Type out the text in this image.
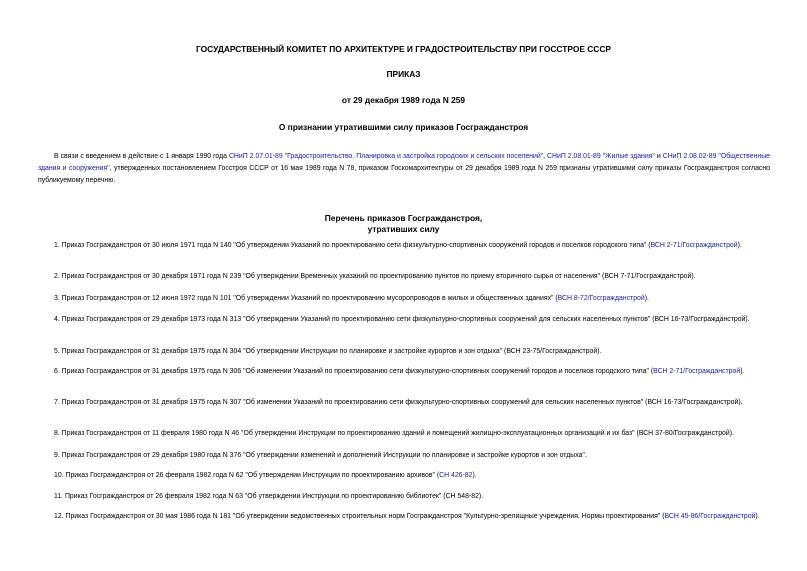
ГОСУДАРСТВЕННЫЙ КОМИТЕТ ПО АРХИТЕКТУРЕ И ГРАДОСТРОИТЕЛЬСТВУ ПРИ ГОССТРОЕ СССР
ПРИКАЗ
от 29 декабря 1989 года N 259
О признании утратившими силу приказов Госгражданстроя
В связи с введением в действие с 1 января 1990 года СНиП 2.07.01-89 "Градостроительство. Планировка и застройка городских и сельских поселений", СНиП 2.08.01-89 "Жилые здания" и СНиП 2.08.02-89 "Общественные здания и сооружения", утвержденных постановлением Госстроя СССР от 16 мая 1989 года N 78, приказом Госкомархитектуры от 29 декабря 1989 года N 259 признаны утратившими силу приказы Госгражданстроя согласно публикуемому перечню.
Перечень приказов Госгражданстроя,
утративших силу
1. Приказ Госгражданстроя от 30 июля 1971 года N 140 "Об утверждении Указаний по проектированию сети физкультурно-спортивных сооружений городов и поселков городского типа" (ВСН 2-71/Госгражданстрой).
2. Приказ Госгражданстроя от 30 декабря 1971 года N 239 "Об утверждении Временных указаний по проектированию пунктов по приему вторичного сырья от населения" (ВСН 7-71/Госгражданстрой).
3. Приказ Госгражданстроя от 12 июня 1972 года N 101 "Об утверждении Указаний по проектированию мусоропроводов в жилых и общественных зданиях" (ВСН 8-72/Госгражданстрой).
4. Приказ Госгражданстроя от 29 декабря 1973 года N 313 "Об утверждении Указаний по проектированию сети физкультурно-спортивных сооружений для сельских населенных пунктов" (ВСН 16-73/Госгражданстрой).
5. Приказ Госгражданстроя от 31 декабря 1975 года N 304 "Об утверждении Инструкции по планировке и застройке курортов и зон отдыха" (ВСН 23-75/Госгражданстрой).
6. Приказ Госгражданстроя от 31 декабря 1975 года N 306 "Об изменении Указаний по проектированию сети физкультурно-спортивных сооружений городов и поселков городского типа" (ВСН 2-71/Госгражданстрой).
7. Приказ Госгражданстроя от 31 декабря 1975 года N 307 "Об изменении Указаний по проектированию сети физкультурно-спортивных сооружений для сельских населенных пунктов" (ВСН 16-73/Госгражданстрой).
8. Приказ Госгражданстроя от 11 февраля 1980 года N 46 "Об утверждении Инструкции по проектированию зданий и помещений жилищно-эксплуатационных организаций и их баз" (ВСН 37-80/Госгражданстрой).
9. Приказ Госгражданстроя от 29 декабря 1980 года N 376 "Об утверждении изменений и дополнений Инструкции по планировке и застройке курортов и зон отдыха".
10. Приказ Госгражданстроя от 26 февраля 1982 года N 62 "Об утверждении Инструкции по проектированию архивов" (СН 426-82).
11. Приказ Госгражданстроя от 26 февраля 1982 года N 63 "Об утверждении Инструкции по проектированию библиотек" (СН 548-82).
12. Приказ Госгражданстроя от 30 мая 1986 года N 181 "Об утверждении ведомственных строительных норм Госгражданстроя "Культурно-зрелищные учреждения. Нормы проектирования" (ВСН 45-86/Госгражданстрой).
